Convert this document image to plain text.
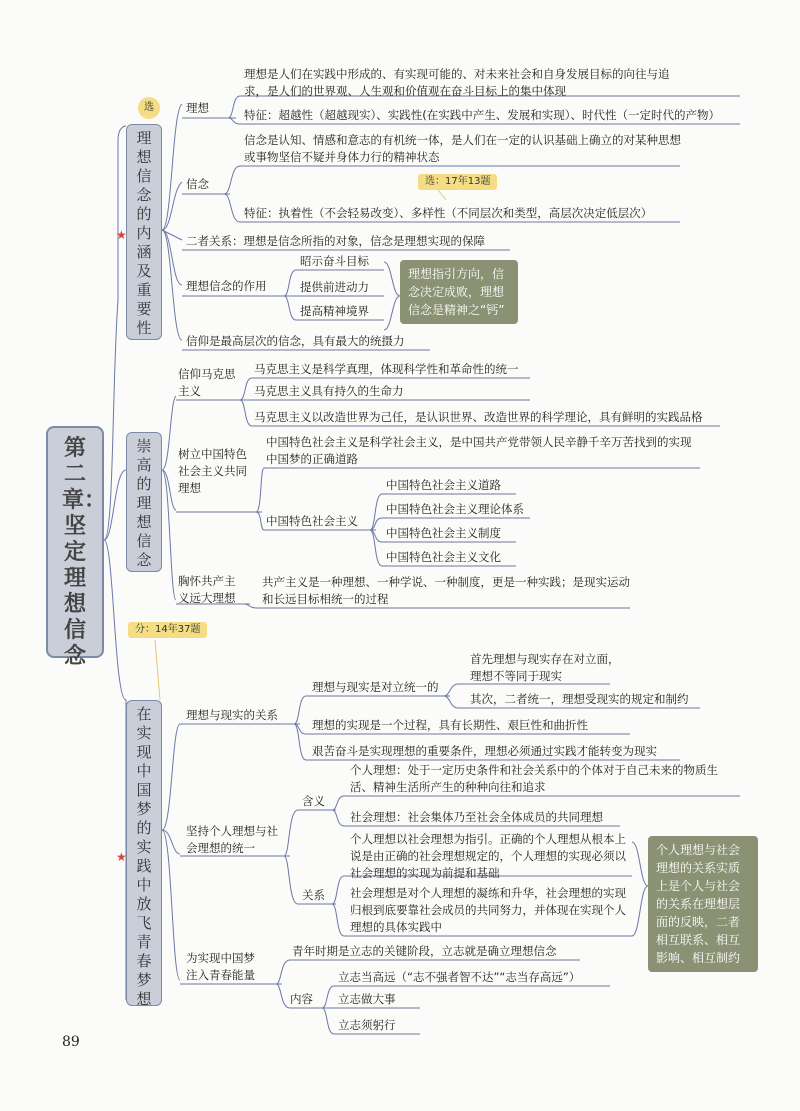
第二章：坚定理想信念
选
理想信念的内涵及重要性
★
理想
理想是人们在实践中形成的、有实现可能的、对未来社会和自身发展目标的向往与追求，是人们的世界观、人生观和价值观在奋斗目标上的集中体现
特征：超越性（超越现实）、实践性(在实践中产生、发展和实现）、时代性（一定时代的产物）
信念
信念是认知、情感和意志的有机统一体，是人们在一定的认识基础上确立的对某种思想或事物坚信不疑并身体力行的精神状态
选：17年13题
特征：执着性（不会轻易改变）、多样性（不同层次和类型，高层次决定低层次）
二者关系：理想是信念所指的对象，信念是理想实现的保障
理想信念的作用
昭示奋斗目标
提供前进动力
提高精神境界
理想指引方向，信念决定成败，理想信念是精神之“钙”
信仰是最高层次的信念，具有最大的统摄力
崇高的理想信念
信仰马克思主义
马克思主义是科学真理，体现科学性和革命性的统一
马克思主义具有持久的生命力
马克思主义以改造世界为己任，是认识世界、改造世界的科学理论，具有鲜明的实践品格
树立中国特色社会主义共同理想
中国特色社会主义是科学社会主义，是中国共产党带领人民辛静千辛万苦找到的实现中国梦的正确道路
中国特色社会主义
中国特色社会主义道路
中国特色社会主义理论体系
中国特色社会主义制度
中国特色社会主义文化
胸怀共产主义远大理想
共产主义是一种理想、一种学说、一种制度，更是一种实践；是现实运动和长远目标相统一的过程
分：14年37题
在实现中国梦的实践中放飞青春梦想
★
理想与现实的关系
理想与现实是对立统一的
首先理想与现实存在对立面，理想不等同于现实
其次，二者统一，理想受现实的规定和制约
理想的实现是一个过程，具有长期性、艰巨性和曲折性
艰苦奋斗是实现理想的重要条件，理想必须通过实践才能转变为现实
坚持个人理想与社会理想的统一
含义
个人理想：处于一定历史条件和社会关系中的个体对于自己未来的物质生活、精神生活所产生的种种向往和追求
社会理想：社会集体乃至社会全体成员的共同理想
关系
个人理想以社会理想为指引。正确的个人理想从根本上说是由正确的社会理想规定的，个人理想的实现必须以社会理想的实现为前提和基础
社会理想是对个人理想的凝练和升华，社会理想的实现归根到底要靠社会成员的共同努力，并体现在实现个人理想的具体实践中
个人理想与社会理想的关系实质上是个人与社会的关系在理想层面的反映，二者相互联系、相互影响、相互制约
为实现中国梦注入青春能量
青年时期是立志的关键阶段，立志就是确立理想信念
内容
立志当高远（“志不强者智不达”“志当存高远”）
立志做大事
立志须躬行
89
